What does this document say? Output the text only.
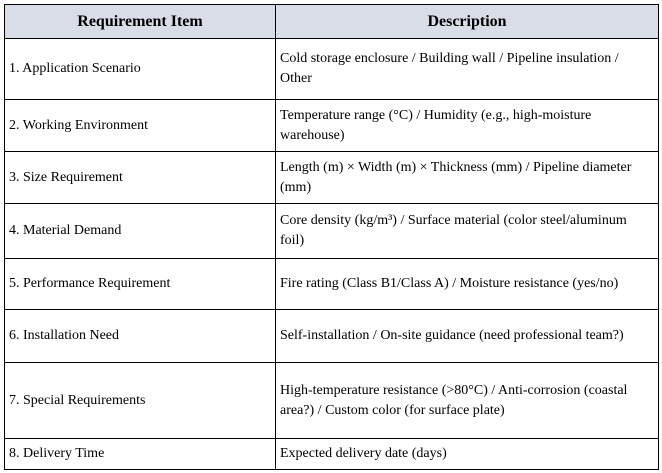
Requirement Item	Description
1. Application Scenario	Cold storage enclosure / Building wall / Pipeline insulation / Other
2. Working Environment	Temperature range (°C) / Humidity (e.g., high-moisture warehouse)
3. Size Requirement	Length (m) × Width (m) × Thickness (mm) / Pipeline diameter (mm)
4. Material Demand	Core density (kg/m³) / Surface material (color steel/aluminum foil)
5. Performance Requirement	Fire rating (Class B1/Class A) / Moisture resistance (yes/no)
6. Installation Need	Self-installation / On-site guidance (need professional team?)
7. Special Requirements	High-temperature resistance (>80°C) / Anti-corrosion (coastal area?) / Custom color (for surface plate)
8. Delivery Time	Expected delivery date (days)
